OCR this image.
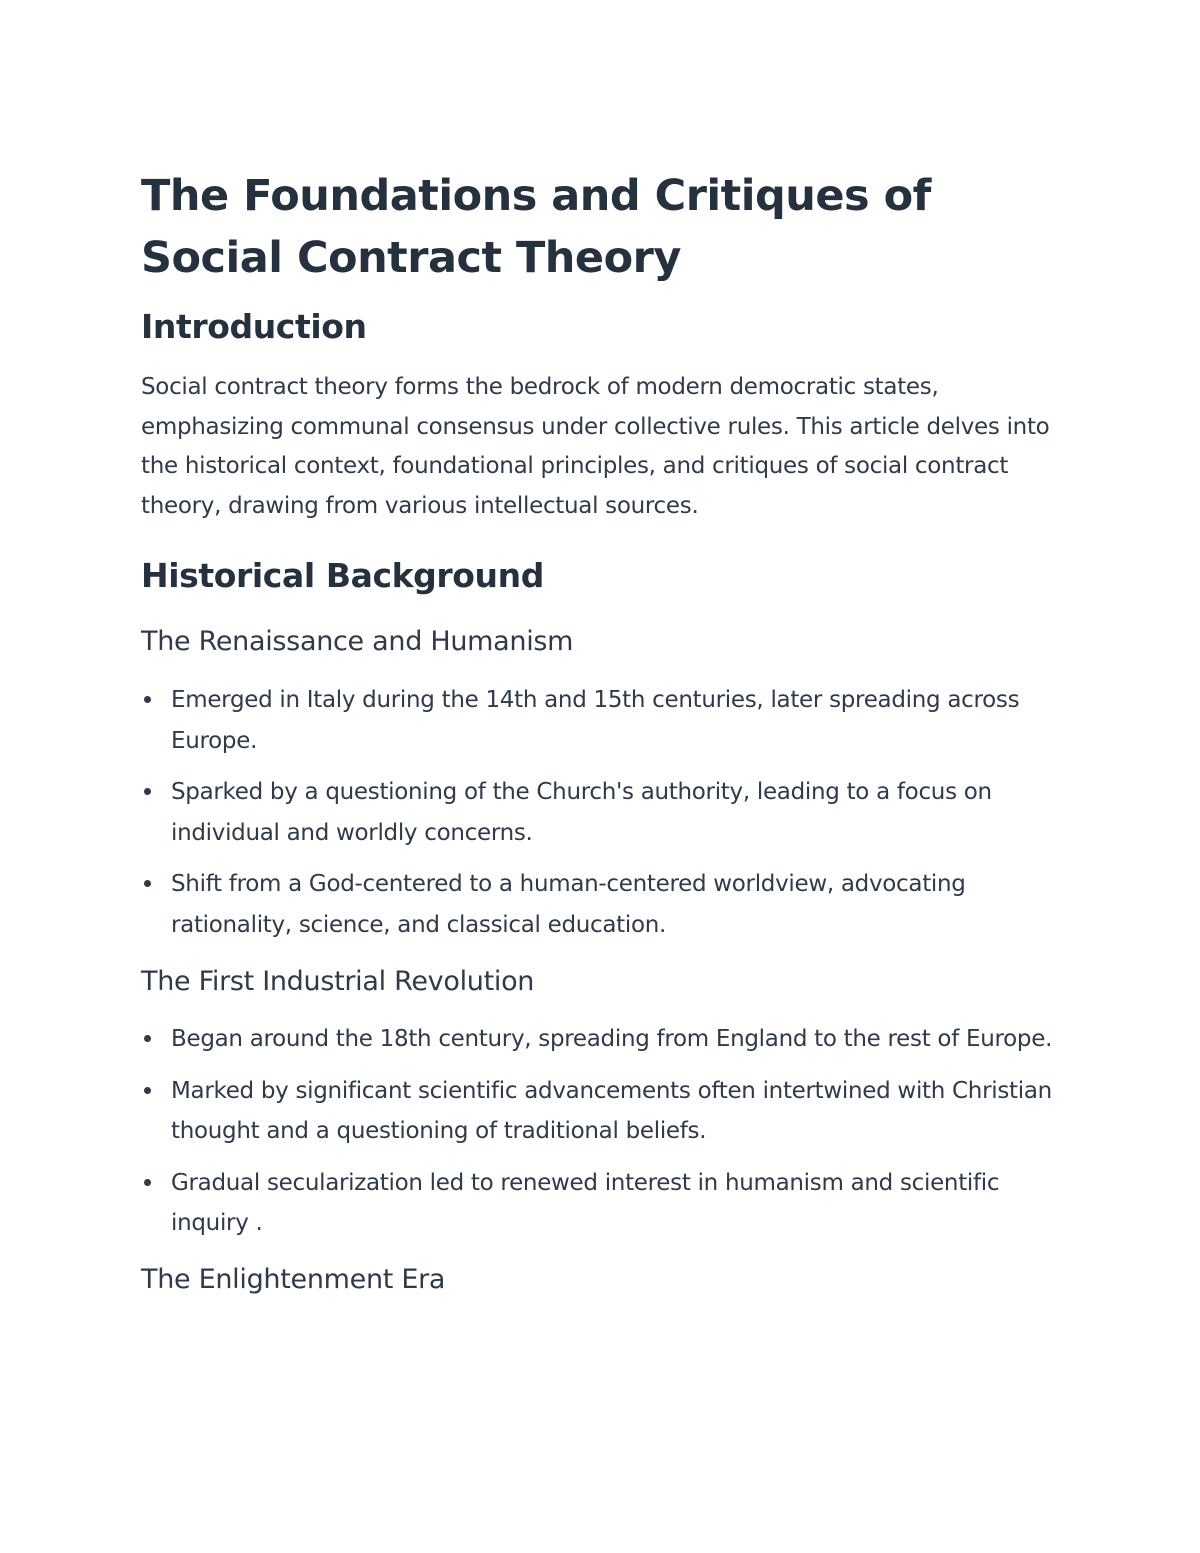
The Foundations and Critiques of Social Contract Theory
Introduction

Social contract theory forms the bedrock of modern democratic states, emphasizing communal consensus under collective rules. This article delves into the historical context, foundational principles, and critiques of social contract theory, drawing from various intellectual sources.

Historical Background
The Renaissance and Humanism
Emerged in Italy during the 14th and 15th centuries, later spreading across Europe.
Sparked by a questioning of the Church's authority, leading to a focus on individual and worldly concerns.
Shift from a God-centered to a human-centered worldview, advocating rationality, science, and classical education.
The First Industrial Revolution
Began around the 18th century, spreading from England to the rest of Europe.
Marked by significant scientific advancements often intertwined with Christian thought and a questioning of traditional beliefs.
Gradual secularization led to renewed interest in humanism and scientific inquiry .
The Enlightenment Era
